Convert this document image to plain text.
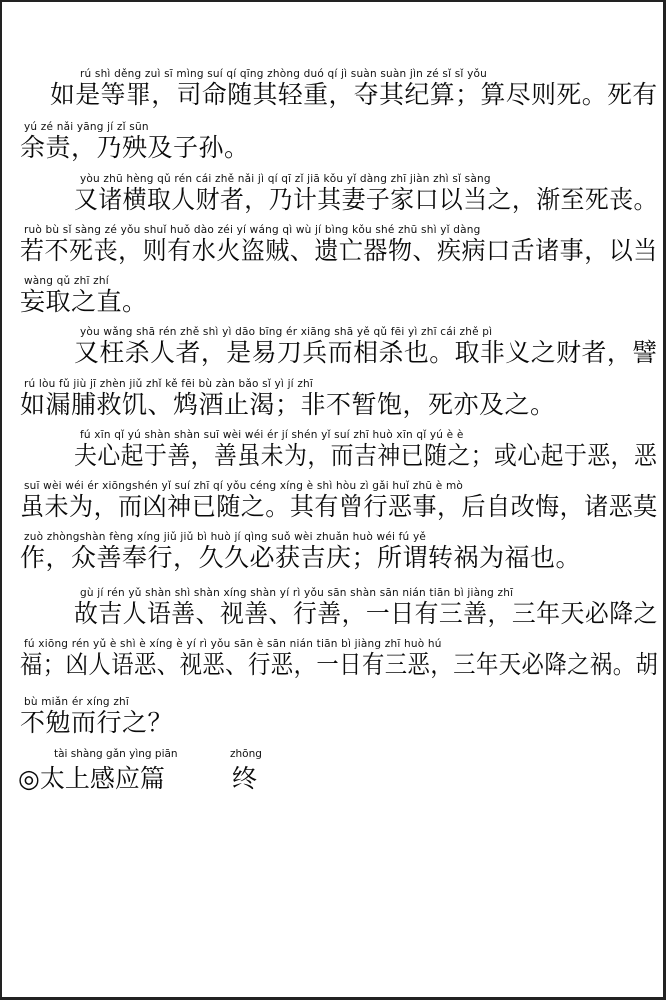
rú shì děng zuì sī mìng suí qí qīng zhòng duó qí jì suàn suàn jìn zé sǐ sǐ yǒu
如是等罪，司命随其轻重，夺其纪算；算尽则死。死有
yú zé nǎi yāng jí zǐ sūn
余责，乃殃及子孙。
yòu zhū hèng qǔ rén cái zhě nǎi jì qí qī zǐ jiā kǒu yǐ dàng zhī jiàn zhì sǐ sàng
又诸横取人财者，乃计其妻子家口以当之，渐至死丧。
ruò bù sǐ sàng zé yǒu shuǐ huǒ dào zéi yí wáng qì wù jí bìng kǒu shé zhū shì yǐ dàng
若不死丧，则有水火盗贼、遗亡器物、疾病口舌诸事，以当
wàng qǔ zhī zhí
妄取之直。
yòu wǎng shā rén zhě shì yì dāo bīng ér xiāng shā yě qǔ fēi yì zhī cái zhě pì
又枉杀人者，是易刀兵而相杀也。取非义之财者，譬
rú lòu fǔ jiù jī zhèn jiǔ zhǐ kě fēi bù zàn bǎo sǐ yì jí zhī
如漏脯救饥、鸩酒止渴；非不暂饱，死亦及之。
fú xīn qǐ yú shàn shàn suī wèi wéi ér jí shén yǐ suí zhī huò xīn qǐ yú è è
夫心起于善，善虽未为，而吉神已随之；或心起于恶，恶
suī wèi wéi ér xiōngshén yǐ suí zhī qí yǒu céng xíng è shì hòu zì gǎi huǐ zhū è mò
虽未为，而凶神已随之。其有曾行恶事，后自改悔，诸恶莫
zuò zhòngshàn fèng xíng jiǔ jiǔ bì huò jí qìng suǒ wèi zhuǎn huò wéi fú yě
作，众善奉行，久久必获吉庆；所谓转祸为福也。
gù jí rén yǔ shàn shì shàn xíng shàn yí rì yǒu sān shàn sān nián tiān bì jiàng zhī
故吉人语善、视善、行善，一日有三善，三年天必降之
fú xiōng rén yǔ è shì è xíng è yí rì yǒu sān è sān nián tiān bì jiàng zhī huò hú
福；凶人语恶、视恶、行恶，一日有三恶，三年天必降之祸。胡
bù miǎn ér xíng zhī
不勉而行之？
tài shàng gǎn yìng piān
◎太上感应篇
zhōng
终
